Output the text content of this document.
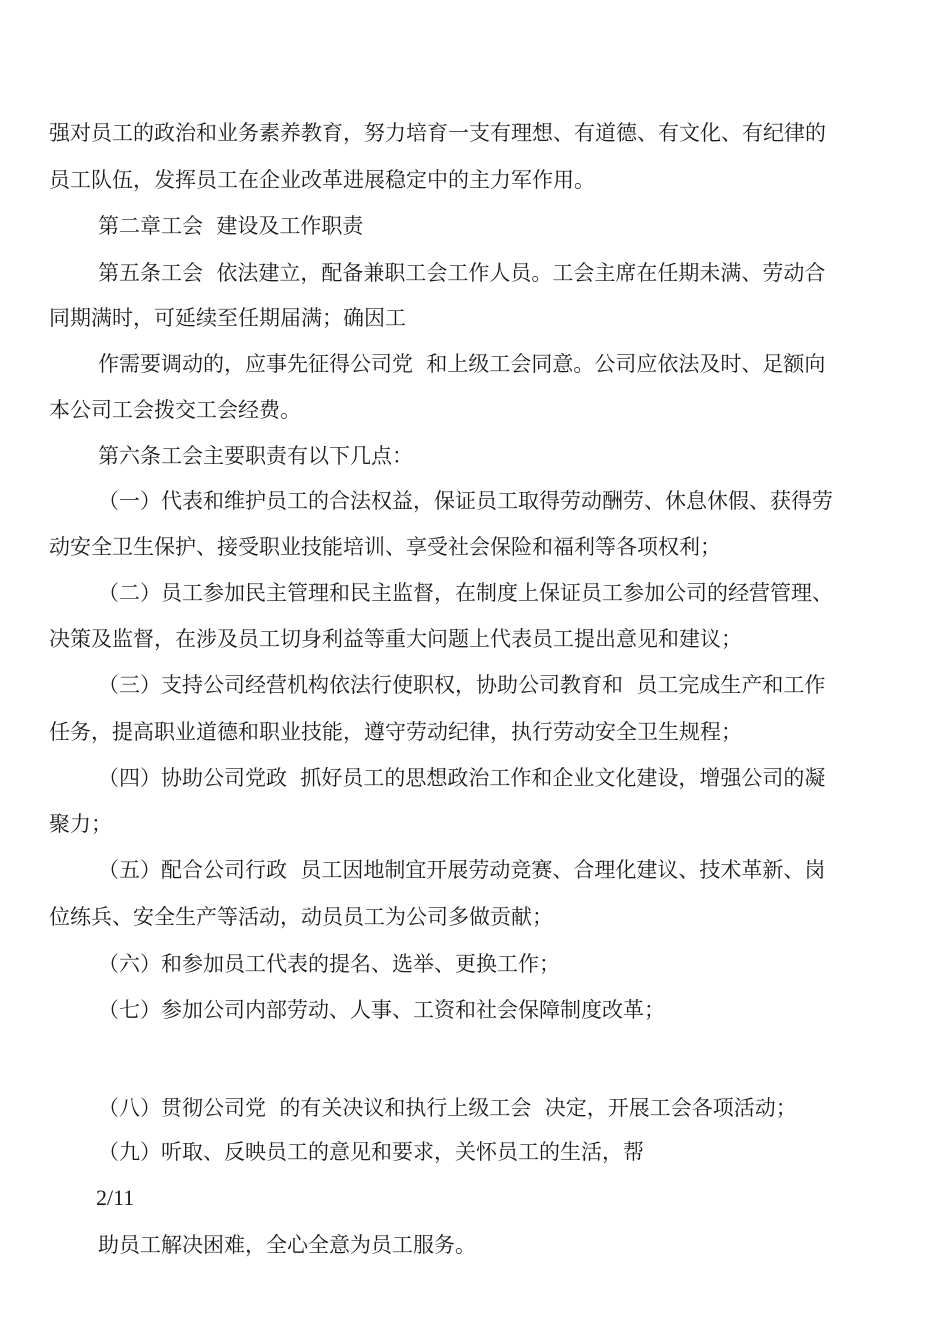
强对员工的政治和业务素养教育，努力培育一支有理想、有道德、有文化、有纪律的
员工队伍，发挥员工在企业改革进展稳定中的主力军作用。
第二章工会  建设及工作职责
第五条工会  依法建立，配备兼职工会工作人员。工会主席在任期未满、劳动合
同期满时，可延续至任期届满；确因工
作需要调动的，应事先征得公司党  和上级工会同意。公司应依法及时、足额向
本公司工会拨交工会经费。
第六条工会主要职责有以下几点：
（一）代表和维护员工的合法权益，保证员工取得劳动酬劳、休息休假、获得劳
动安全卫生保护、接受职业技能培训、享受社会保险和福利等各项权利；
（二）员工参加民主管理和民主监督，在制度上保证员工参加公司的经营管理、
决策及监督，在涉及员工切身利益等重大问题上代表员工提出意见和建议；
（三）支持公司经营机构依法行使职权，协助公司教育和  员工完成生产和工作
任务，提高职业道德和职业技能，遵守劳动纪律，执行劳动安全卫生规程；
（四）协助公司党政  抓好员工的思想政治工作和企业文化建设，增强公司的凝
聚力；
（五）配合公司行政  员工因地制宜开展劳动竞赛、合理化建议、技术革新、岗
位练兵、安全生产等活动，动员员工为公司多做贡献；
（六）和参加员工代表的提名、选举、更换工作；
（七）参加公司内部劳动、人事、工资和社会保障制度改革；
（八）贯彻公司党  的有关决议和执行上级工会  决定，开展工会各项活动；
（九）听取、反映员工的意见和要求，关怀员工的生活，帮
2/11
助员工解决困难，全心全意为员工服务。
